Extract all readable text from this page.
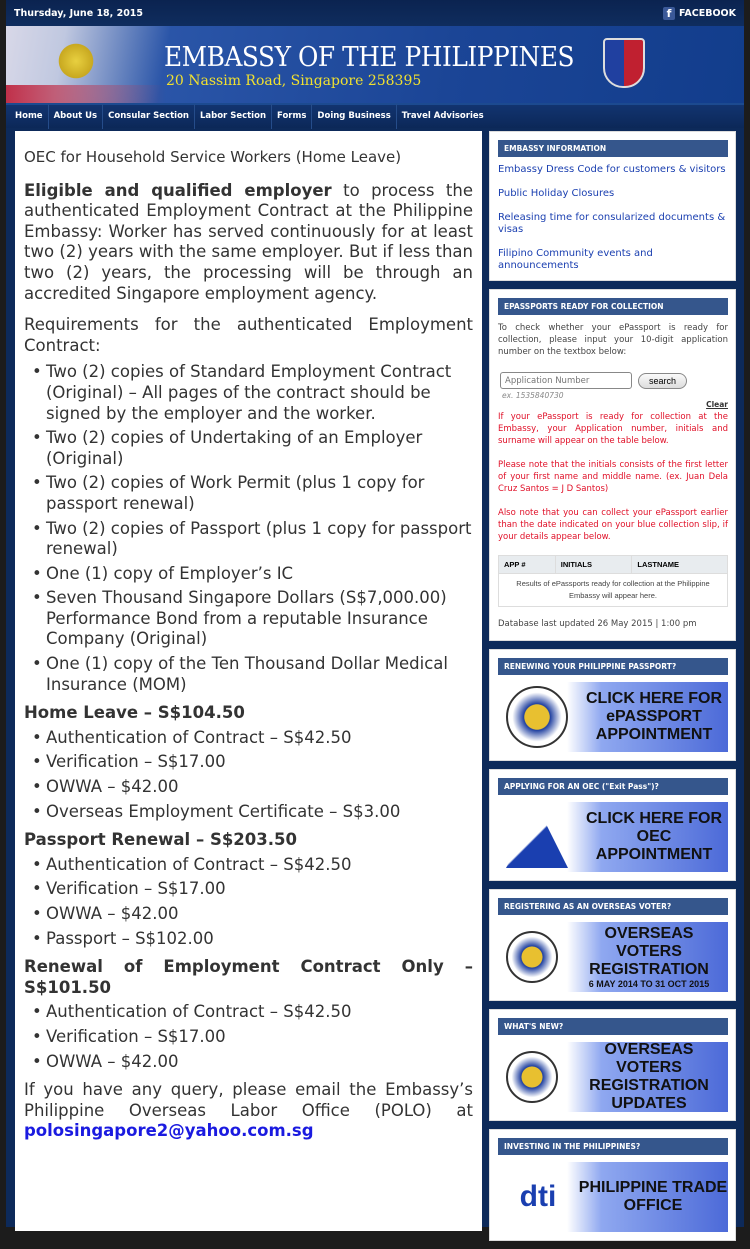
Thursday, June 18, 2015	f FACEBOOK
EMBASSY OF THE PHILIPPINES
20 Nassim Road, Singapore 258395
Home	About Us	Consular Section	Labor Section	Forms	Doing Business	Travel Advisories
OEC for Household Service Workers (Home Leave)

Eligible and qualified employer to process the authenticated Employment Contract at the Philippine Embassy: Worker has served continuously for at least two (2) years with the same employer. But if less than two (2) years, the processing will be through an accredited Singapore employment agency.

Requirements for the authenticated Employment Contract:

• Two (2) copies of Standard Employment Contract (Original) – All pages of the contract should be signed by the employer and the worker.
• Two (2) copies of Undertaking of an Employer (Original)
• Two (2) copies of Work Permit (plus 1 copy for passport renewal)
• Two (2) copies of Passport (plus 1 copy for passport renewal)
• One (1) copy of Employer’s IC
• Seven Thousand Singapore Dollars (S$7,000.00) Performance Bond from a reputable Insurance Company (Original)
• One (1) copy of the Ten Thousand Dollar Medical Insurance (MOM)
Home Leave – S$104.50
• Authentication of Contract – S$42.50
• Verification – S$17.00
• OWWA – $42.00
• Overseas Employment Certificate – S$3.00
Passport Renewal – S$203.50
• Authentication of Contract – S$42.50
• Verification – S$17.00
• OWWA – $42.00
• Passport – S$102.00
Renewal of Employment Contract Only – S$101.50
• Authentication of Contract – S$42.50
• Verification – S$17.00
• OWWA – $42.00

If you have any query, please email the Embassy’s Philippine Overseas Labor Office (POLO) at polosingapore2@yahoo.com.sg

EMBASSY INFORMATION
Embassy Dress Code for customers & visitors
Public Holiday Closures
Releasing time for consularized documents & visas
Filipino Community events and announcements
EPASSPORTS READY FOR COLLECTION
To check whether your ePassport is ready for collection, please input your 10-digit application number on the textbox below:
Application Number
search
ex. 1535840730
Clear
If your ePassport is ready for collection at the Embassy, your Application number, initials and surname will appear on the table below.
Please note that the initials consists of the first letter of your first name and middle name. (ex. Juan Dela Cruz Santos = J D Santos)
Also note that you can collect your ePassport earlier than the date indicated on your blue collection slip, if your details appear below.
APP #	INITIALS	LASTNAME
Results of ePassports ready for collection at the Philippine Embassy will appear here.
Database last updated 26 May 2015 | 1:00 pm
RENEWING YOUR PHILIPPINE PASSPORT?
CLICK HERE FOR ePASSPORT APPOINTMENT
APPLYING FOR AN OEC ("Exit Pass")?
CLICK HERE FOR OEC APPOINTMENT
REGISTERING AS AN OVERSEAS VOTER?
OVERSEAS VOTERS REGISTRATION
6 MAY 2014 TO 31 OCT 2015
WHAT'S NEW?
OVERSEAS VOTERS REGISTRATION UPDATES
INVESTING IN THE PHILIPPINES?
dti	PHILIPPINE TRADE OFFICE
